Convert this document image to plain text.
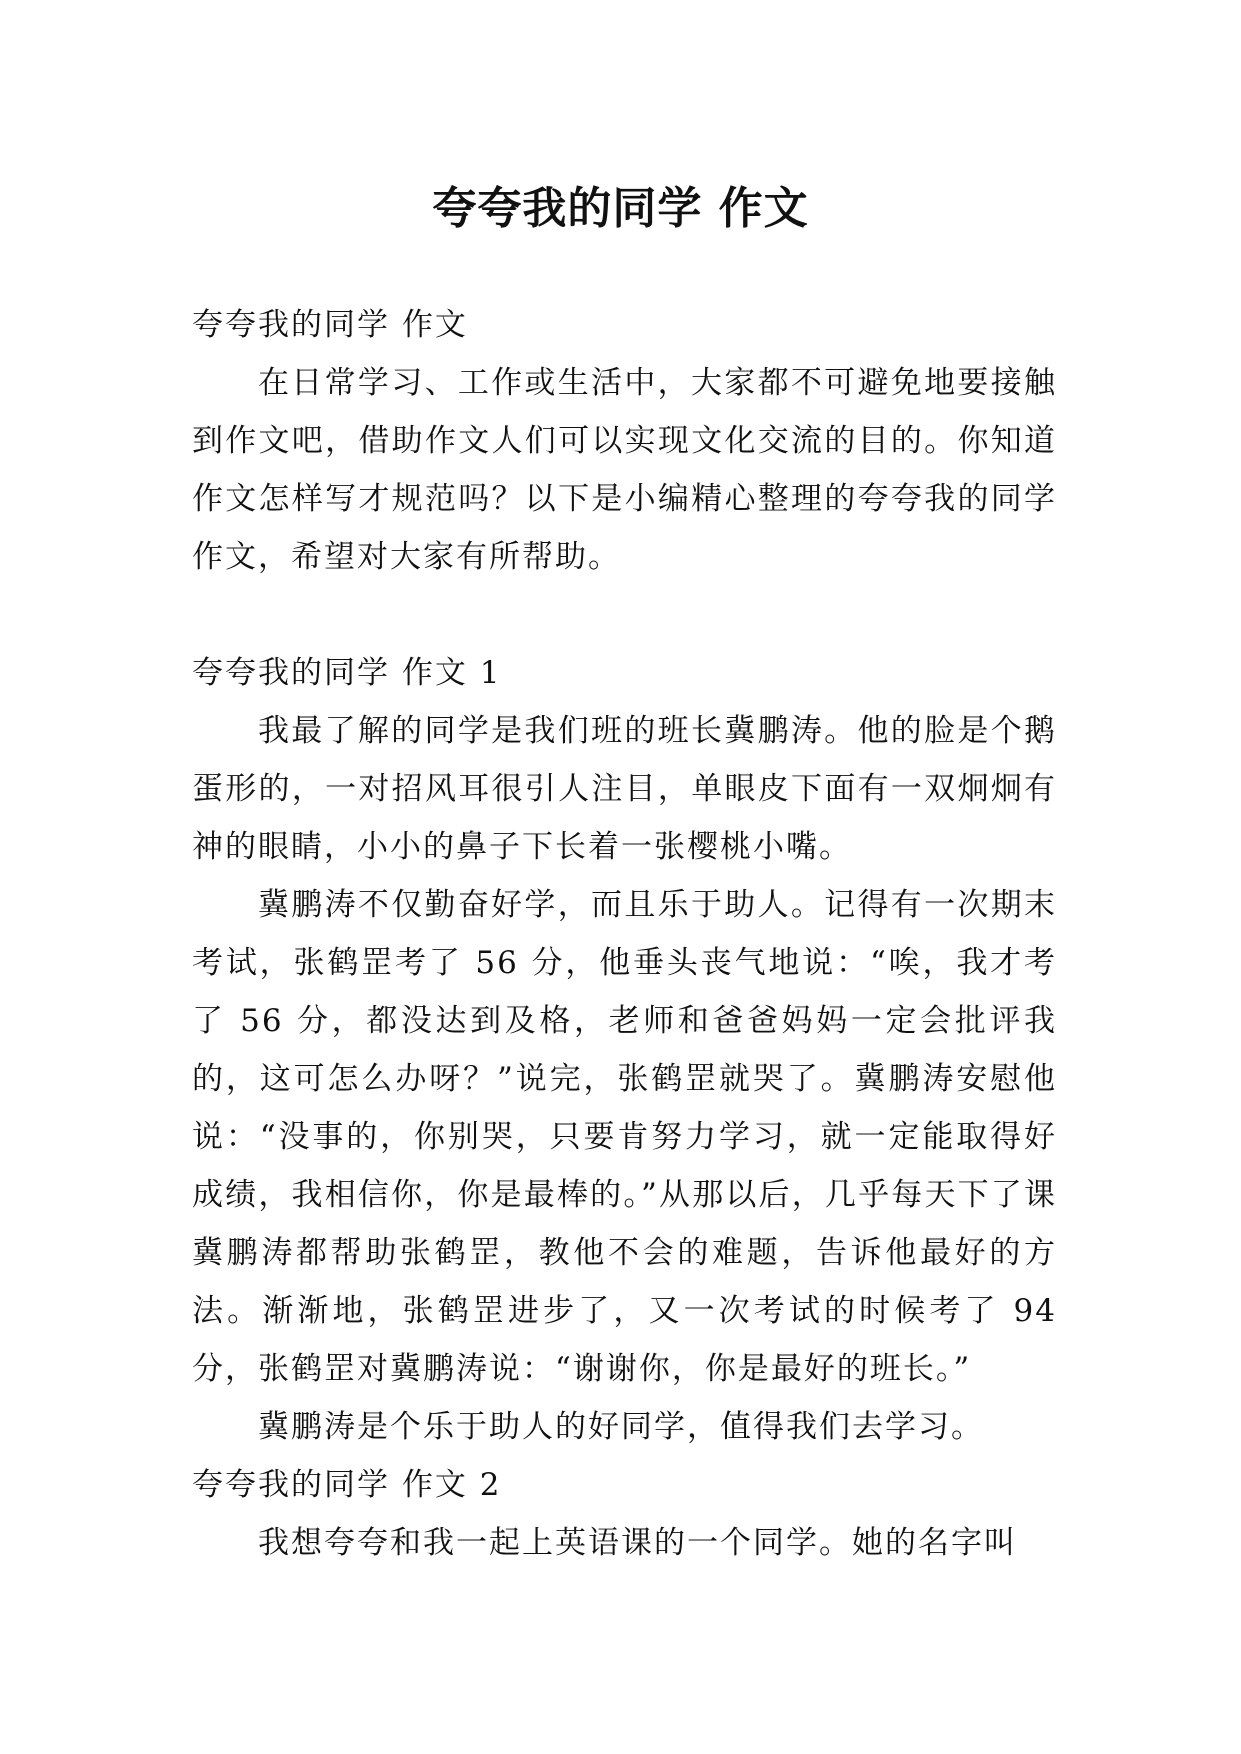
夸夸我的同学 作文

夸夸我的同学 作文

在日常学习、工作或生活中，大家都不可避免地要接触到作文吧，借助作文人们可以实现文化交流的目的。你知道作文怎样写才规范吗？以下是小编精心整理的夸夸我的同学 作文，希望对大家有所帮助。

夸夸我的同学 作文 1

我最了解的同学是我们班的班长冀鹏涛。他的脸是个鹅蛋形的，一对招风耳很引人注目，单眼皮下面有一双炯炯有神的眼睛，小小的鼻子下长着一张樱桃小嘴。

冀鹏涛不仅勤奋好学，而且乐于助人。记得有一次期末考试，张鹤罡考了 56 分，他垂头丧气地说：“唉，我才考了 56 分，都没达到及格，老师和爸爸妈妈一定会批评我的，这可怎么办呀？”说完，张鹤罡就哭了。冀鹏涛安慰他说：“没事的，你别哭，只要肯努力学习，就一定能取得好成绩，我相信你，你是最棒的。”从那以后，几乎每天下了课冀鹏涛都帮助张鹤罡，教他不会的难题，告诉他最好的方法。渐渐地，张鹤罡进步了，又一次考试的时候考了 94 分，张鹤罡对冀鹏涛说：“谢谢你，你是最好的班长。”

冀鹏涛是个乐于助人的好同学，值得我们去学习。

夸夸我的同学 作文 2

我想夸夸和我一起上英语课的一个同学。她的名字叫
